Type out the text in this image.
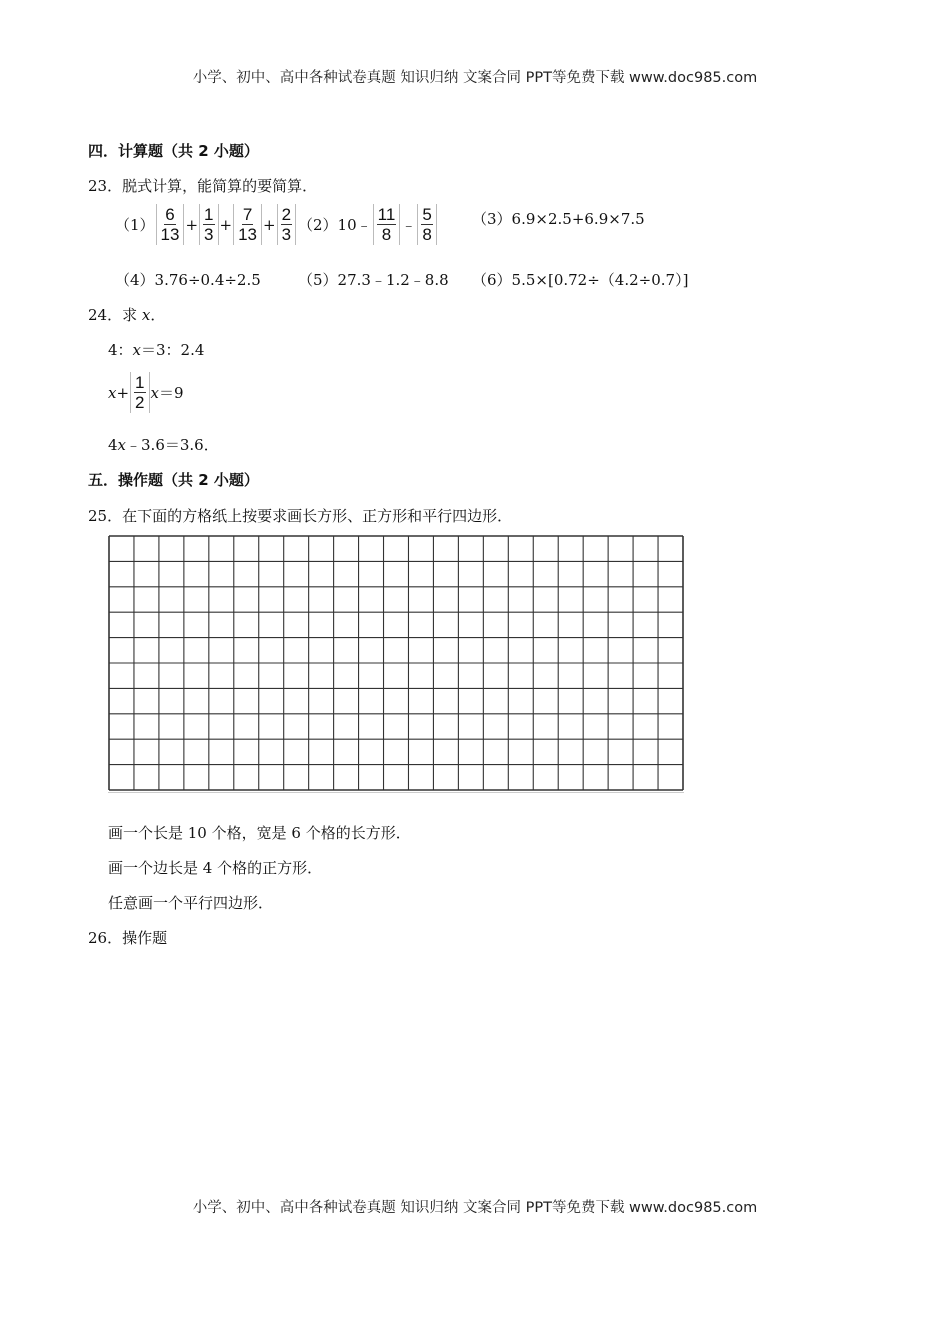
小学、初中、高中各种试卷真题 知识归纳 文案合同 PPT等免费下载 www.doc985.com
四．计算题（共 2 小题）
23．脱式计算，能简算的要简算．
$(1) \frac{6}{13} + \frac{1}{3} + \frac{7}{13} + \frac{2}{3} (2)$ 10﹣ $\frac{11}{8}$ ﹣ $\frac{5}{8} (3)6.9\times 2.5+6.9\times 7.5$
（4）3.76÷0.4÷2.5 （5）27.3﹣1.2﹣8.8 （6）5.5×[0.72÷（4.2÷0.7）]
24．求 x．
4：x＝3：2.4
$x + \frac{1}{2}$ x ＝9
4x﹣3.6＝3.6．
五．操作题（共 2 小题）
25．在下面的方格纸上按要求画长方形、正方形和平行四边形．
画一个长是 10 个格，宽是 6 个格的长方形．
画一个边长是 4 个格的正方形．
任意画一个平行四边形．
26．操作题
小学、初中、高中各种试卷真题 知识归纳 文案合同 PPT等免费下载 www.doc985.com
